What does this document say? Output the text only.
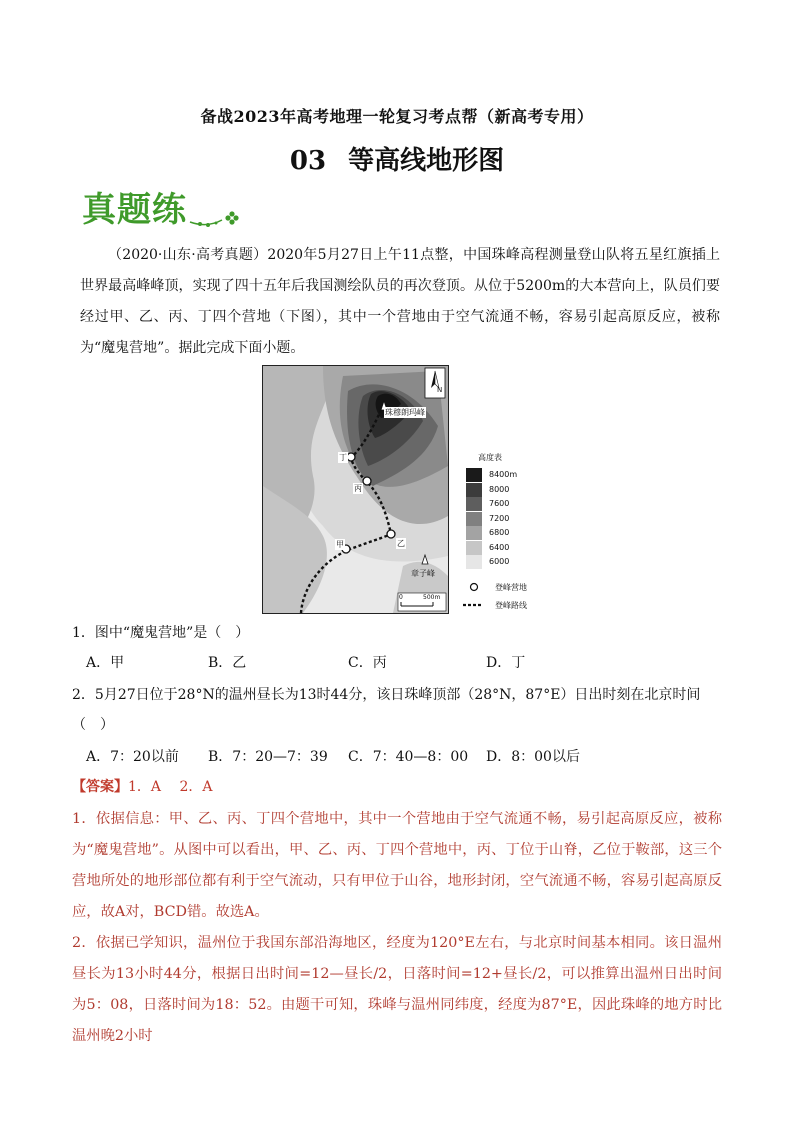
备战2023年高考地理一轮复习考点帮（新高考专用）
03 等高线地形图
真题练
（2020·山东·高考真题）2020年5月27日上午11点整，中国珠峰高程测量登山队将五星红旗插上世界最高峰峰顶，实现了四十五年后我国测绘队员的再次登顶。从位于5200m的大本营向上，队员们要经过甲、乙、丙、丁四个营地（下图），其中一个营地由于空气流通不畅，容易引起高原反应，被称为“魔鬼营地”。据此完成下面小题。
N
珠穆朗玛峰
丁
丙
乙
甲
章子峰
0	500m
高度表
8400m
8000
7600
7200
6800
6400
6000
登峰营地
登峰路线
1．图中“魔鬼营地”是（　）
A．甲	B．乙	C．丙	D．丁
2．5月27日位于28°N的温州昼长为13时44分，该日珠峰顶部（28°N，87°E）日出时刻在北京时间
（　）
A．7：20以前 B．7：20—7：39 C．7：40—8：00 D．8：00以后
【答案】1．A　 2．A
1．依据信息：甲、乙、丙、丁四个营地中，其中一个营地由于空气流通不畅，易引起高原反应，被称为“魔鬼营地”。从图中可以看出，甲、乙、丙、丁四个营地中，丙、丁位于山脊，乙位于鞍部，这三个营地所处的地形部位都有利于空气流动，只有甲位于山谷，地形封闭，空气流通不畅，容易引起高原反应，故A对，BCD错。故选A。
2．依据已学知识，温州位于我国东部沿海地区，经度为120°E左右，与北京时间基本相同。该日温州昼长为13小时44分，根据日出时间=12—昼长/2，日落时间=12+昼长/2，可以推算出温州日出时间为5：08，日落时间为18：52。由题干可知，珠峰与温州同纬度，经度为87°E，因此珠峰的地方时比温州晚2小时
